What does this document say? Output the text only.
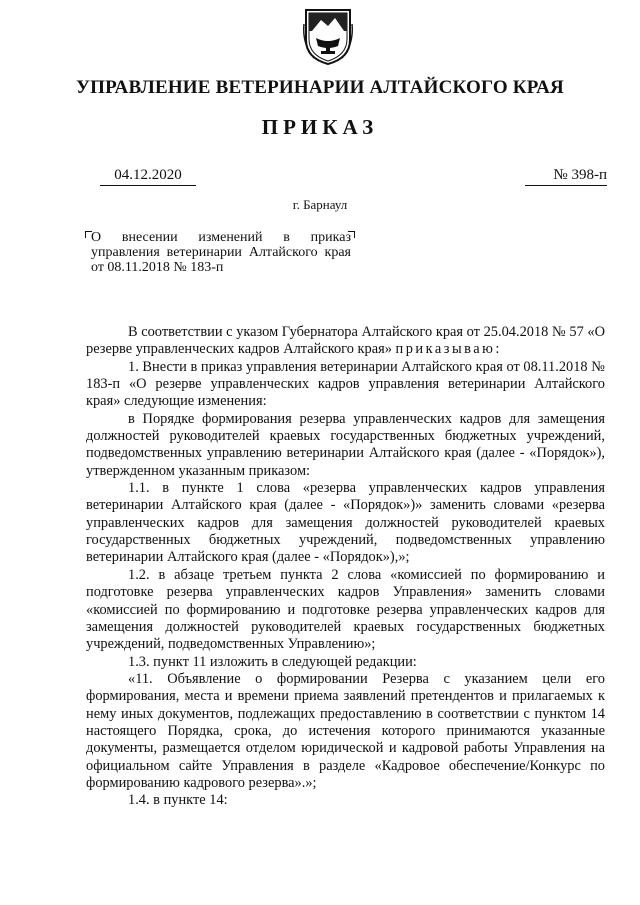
УПРАВЛЕНИЕ ВЕТЕРИНАРИИ АЛТАЙСКОГО КРАЯ
ПРИКАЗ
04.12.2020	№ 398-п
г. Барнаул
О внесении изменений в приказ управления ветеринарии Алтайского края от 08.11.2018 № 183-п

В соответствии с указом Губернатора Алтайского края от 25.04.2018 № 57 «О резерве управленческих кадров Алтайского края» приказываю:

1. Внести в приказ управления ветеринарии Алтайского края от 08.11.2018 № 183-п «О резерве управленческих кадров управления ветеринарии Алтайского края» следующие изменения:

в Порядке формирования резерва управленческих кадров для замещения должностей руководителей краевых государственных бюджетных учреждений, подведомственных управлению ветеринарии Алтайского края (далее - «Порядок»), утвержденном указанным приказом:

1.1. в пункте 1 слова «резерва управленческих кадров управления ветеринарии Алтайского края (далее - «Порядок»)» заменить словами «резерва управленческих кадров для замещения должностей руководителей краевых государственных бюджетных учреждений, подведомственных управлению ветеринарии Алтайского края (далее - «Порядок»),»;

1.2. в абзаце третьем пункта 2 слова «комиссией по формированию и подготовке резерва управленческих кадров Управления» заменить словами «комиссией по формированию и подготовке резерва управленческих кадров для замещения должностей руководителей краевых государственных бюджетных учреждений, подведомственных Управлению»;

1.3. пункт 11 изложить в следующей редакции:

«11. Объявление о формировании Резерва с указанием цели его формирования, места и времени приема заявлений претендентов и прилагаемых к нему иных документов, подлежащих предоставлению в соответствии с пунктом 14 настоящего Порядка, срока, до истечения которого принимаются указанные документы, размещается отделом юридической и кадровой работы Управления на официальном сайте Управления в разделе «Кадровое обеспечение/Конкурс по формированию кадрового резерва».»;

1.4. в пункте 14:
